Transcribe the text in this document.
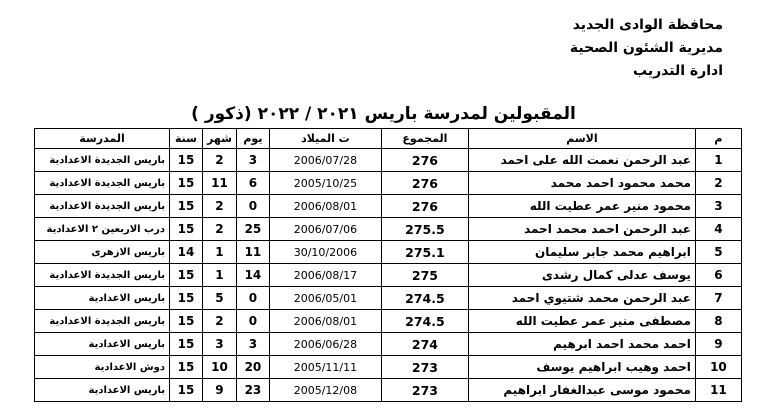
محافظة الوادى الجديد
مديرية الشئون الصحية
ادارة التدريب
المقبولين لمدرسة باريس ٢٠٢١ / ٢٠٢٢ (ذكور )
م	الاسم	المجموع	ت الميلاد	يوم	شهر	سنة	المدرسة
1	عبد الرحمن نعمت الله على احمد	276	2006/07/28	3	2	15	باريس الجديدة الاعدادية
2	محمد محمود احمد محمد	276	2005/10/25	6	11	15	باريس الجديدة الاعدادية
3	محمود منير عمر عطيت الله	276	2006/08/01	0	2	15	باريس الجديدة الاعدادية
4	عبد الرحمن احمد محمد احمد	275.5	2006/07/06	25	2	15	درب الاربعين ٢ الاعدادية
5	ابراهيم محمد جابر سليمان	275.1	30/10/2006	11	1	14	باريس الازهرى
6	يوسف عدلى كمال رشدى	275	2006/08/17	14	1	15	باريس الجديدة الاعدادية
7	عبد الرحمن محمد شتيوي احمد	274.5	2006/05/01	0	5	15	باريس الاعدادية
8	مصطفى منير عمر عطيت الله	274.5	2006/08/01	0	2	15	باريس الجديدة الاعدادية
9	احمد محمد احمد ابرهيم	274	2006/06/28	3	3	15	باريس الاعدادية
10	احمد وهيب ابراهيم يوسف	273	2005/11/11	20	10	15	دوش الاعدادية
11	محمود موسى عبدالغفار ابراهيم	273	2005/12/08	23	9	15	باريس الاعدادية
